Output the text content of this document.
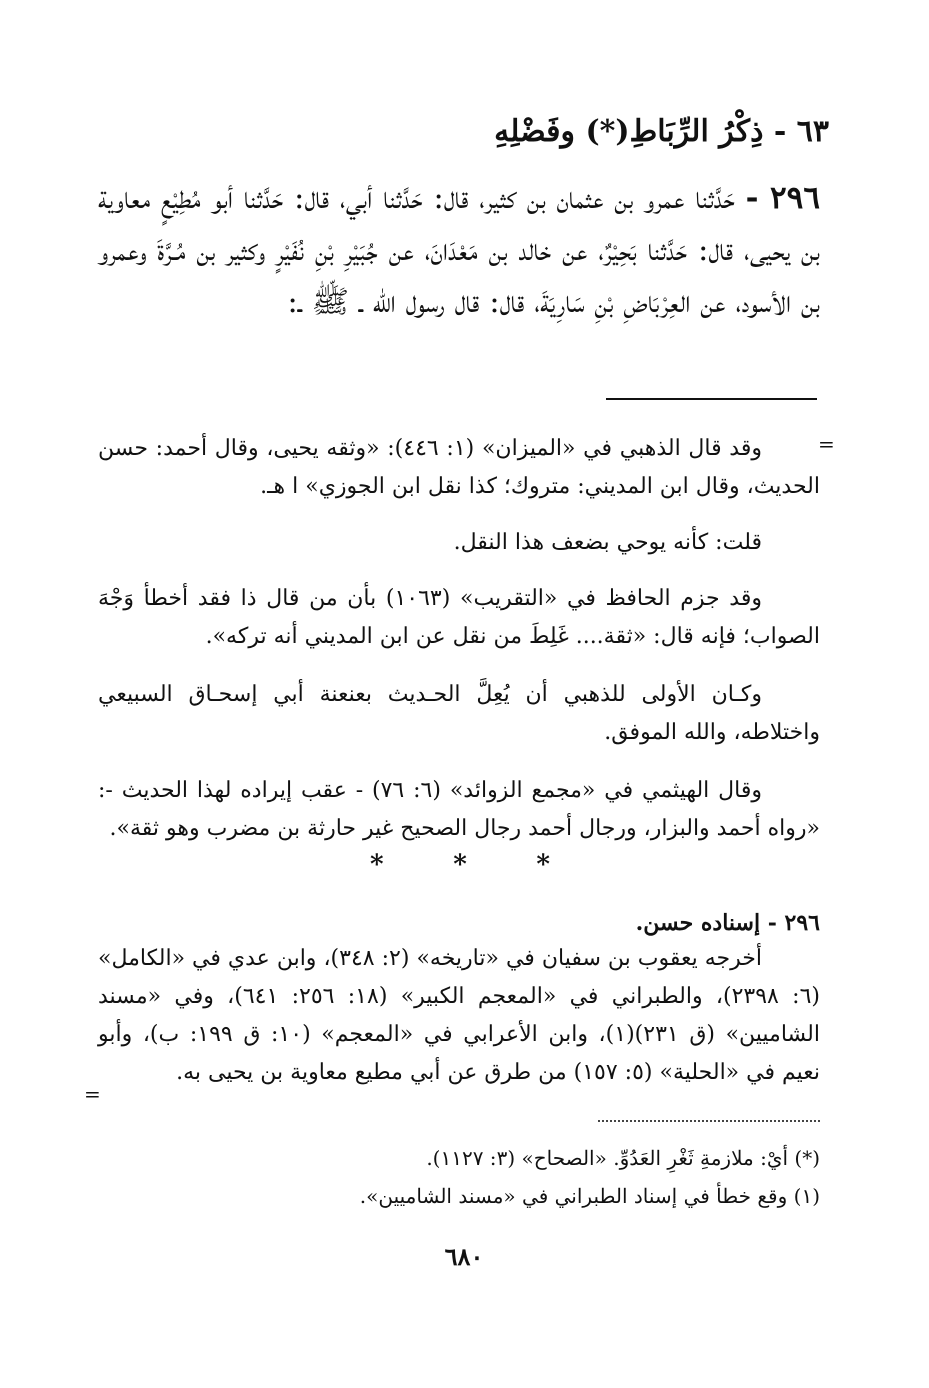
٦٣ - ذِكْرُ الرِّبَاطِ(*) وفَضْلِهِ
٢٩٦ - حَدَّثنا عمرو بن عثمان بن كثير، قال: حَدَّثنا أبي، قال: حَدَّثنا أبو مُطِيْعٍ معاوية بن يحيى، قال: حَدَّثنا بَحِيْرٌ، عن خالد بن مَعْدَانَ، عن جُبَيْرِ بْنِ نُفَيْرٍ وكثير بن مُـرَّةَ وعمرو بن الأسود، عن العِرْبَاضِ بْنِ سَارِيَةَ، قال: قال رسول الله ـ ﷺ ـ:
=
وقد قال الذهبي في «الميزان» (١: ٤٤٦): «وثقه يحيى، وقال أحمد: حسن الحديث، وقال ابن المديني: متروك؛ كذا نقل ابن الجوزي» ا هـ.
قلت: كأنه يوحي بضعف هذا النقل.
وقد جزم الحافظ في «التقريب» (١٠٦٣) بأن من قال ذا فقد أخطأ وَجْهَ الصواب؛ فإنه قال: «ثقة.... غَلِطَ من نقل عن ابن المديني أنه تركه».
وكـان الأولى للذهبي أن يُعِلَّ الحـديث بعنعنة أبي إسحـاق السبيعي واختلاطه، والله الموفق.
وقال الهيثمي في «مجمع الزوائد» (٦: ٧٦) - عقب إيراده لهذا الحديث -: «رواه أحمد والبزار، ورجال أحمد رجال الصحيح غير حارثة بن مضرب وهو ثقة».
*	*	*
٢٩٦ - إسناده حسن.
أخرجه يعقوب بن سفيان في «تاريخه» (٢: ٣٤٨)، وابن عدي في «الكامل» (٦: ٢٣٩٨)، والطبراني في «المعجم الكبير» (١٨: ٢٥٦: ٦٤١)، وفي «مسند الشاميين» (ق ٢٣١)(١)، وابن الأعرابي في «المعجم» (١٠: ق ١٩٩: ب)، وأبو نعيم في «الحلية» (٥: ١٥٧) من طرق عن أبي مطيع معاوية بن يحيى به.
=
(*) أيْ: ملازمةِ ثَغْرِ العَدُوِّ. «الصحاح» (٣: ١١٢٧).
(١) وقع خطأ في إسناد الطبراني في «مسند الشاميين».
٦٨٠
